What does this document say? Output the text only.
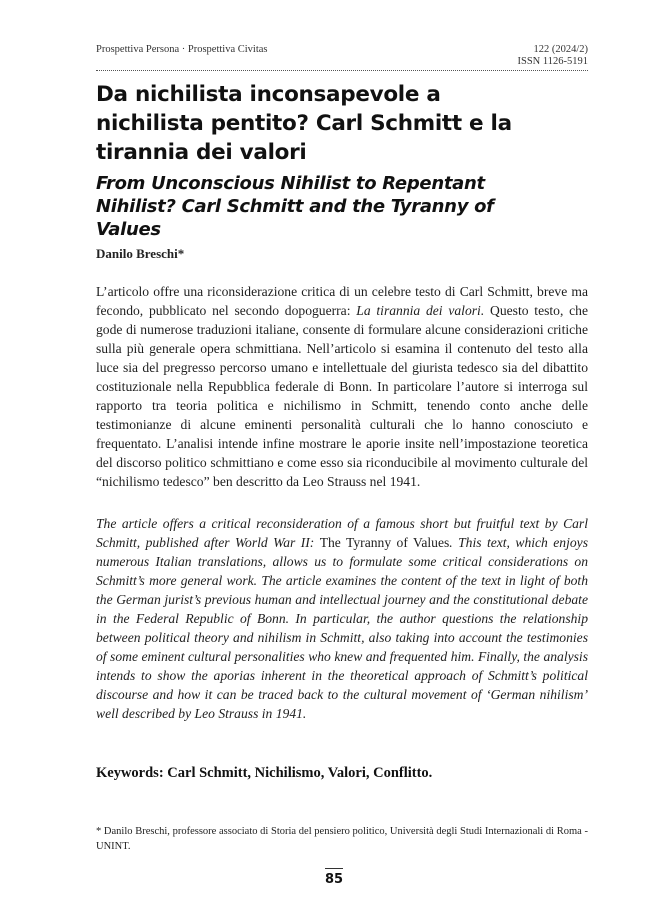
Prospettiva Persona · Prospettiva Civitas	122 (2024/2)
ISSN 1126-5191
Da nichilista inconsapevole a nichilista pentito? Carl Schmitt e la tirannia dei valori
From Unconscious Nihilist to Repentant Nihilist? Carl Schmitt and the Tyranny of Values
Danilo Breschi*

L’articolo offre una riconsiderazione critica di un celebre testo di Carl Schmitt, breve ma fecondo, pubblicato nel secondo dopoguerra: La tirannia dei valori. Questo testo, che gode di numerose traduzioni italiane, consente di formulare alcune considerazioni critiche sulla più generale opera schmittiana. Nell’articolo si esamina il contenuto del testo alla luce sia del pregresso percorso umano e intellettuale del giurista tedesco sia del dibattito costituzionale nella Repubblica federale di Bonn. In particolare l’autore si interroga sul rapporto tra teoria politica e nichilismo in Schmitt, tenendo conto anche delle testimonianze di alcune eminenti personalità culturali che lo hanno conosciuto e frequentato. L’analisi intende infine mostrare le aporie insite nell’impostazione teoretica del discorso politico schmittiano e come esso sia riconducibile al movimento culturale del “nichilismo tedesco” ben descritto da Leo Strauss nel 1941.

The article offers a critical reconsideration of a famous short but fruitful text by Carl Schmitt, published after World War II: The Tyranny of Values. This text, which enjoys numerous Italian translations, allows us to formulate some critical considerations on Schmitt’s more general work. The article examines the content of the text in light of both the German jurist’s previous human and intellectual journey and the constitutional debate in the Federal Republic of Bonn. In particular, the author questions the relationship between political theory and nihilism in Schmitt, also taking into account the testimonies of some eminent cultural personalities who knew and frequented him. Finally, the analysis intends to show the aporias inherent in the theoretical approach of Schmitt’s political discourse and how it can be traced back to the cultural movement of ‘German nihilism’ well described by Leo Strauss in 1941.

Keywords: Carl Schmitt, Nichilismo, Valori, Conflitto.

* Danilo Breschi, professore associato di Storia del pensiero politico, Università degli Studi Internazionali di Roma - UNINT.

85
